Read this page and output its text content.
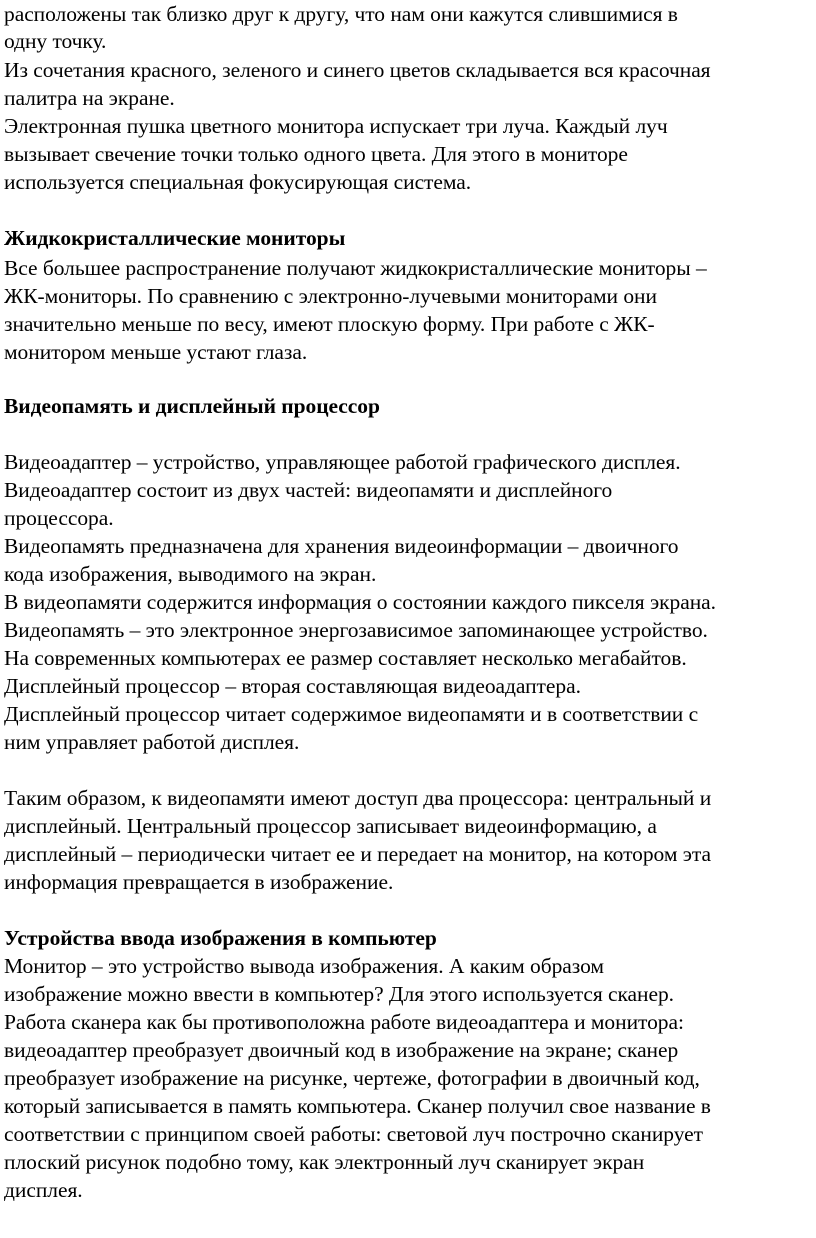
расположены так близко друг к другу, что нам они кажутся слившимися в
одну точку.
Из сочетания красного, зеленого и синего цветов складывается вся красочная
палитра на экране.
Электронная пушка цветного монитора испускает три луча. Каждый луч
вызывает свечение точки только одного цвета. Для этого в мониторе
используется специальная фокусирующая система.
Жидкокристаллические мониторы
Все большее распространение получают жидкокристаллические мониторы –
ЖК-мониторы. По сравнению с электронно-лучевыми мониторами они
значительно меньше по весу, имеют плоскую форму. При работе с ЖК-
монитором меньше устают глаза.
Видеопамять и дисплейный процессор
Видеоадаптер – устройство, управляющее работой графического дисплея.
Видеоадаптер состоит из двух частей: видеопамяти и дисплейного
процессора.
Видеопамять предназначена для хранения видеоинформации – двоичного
кода изображения, выводимого на экран.
В видеопамяти содержится информация о состоянии каждого пикселя экрана.
Видеопамять – это электронное энергозависимое запоминающее устройство.
На современных компьютерах ее размер составляет несколько мегабайтов.
Дисплейный процессор – вторая составляющая видеоадаптера.
Дисплейный процессор читает содержимое видеопамяти и в соответствии с
ним управляет работой дисплея.
Таким образом, к видеопамяти имеют доступ два процессора: центральный и
дисплейный. Центральный процессор записывает видеоинформацию, а
дисплейный – периодически читает ее и передает на монитор, на котором эта
информация превращается в изображение.
Устройства ввода изображения в компьютер
Монитор – это устройство вывода изображения. А каким образом
изображение можно ввести в компьютер? Для этого используется сканер.
Работа сканера как бы противоположна работе видеоадаптера и монитора:
видеоадаптер преобразует двоичный код в изображение на экране; сканер
преобразует изображение на рисунке, чертеже, фотографии в двоичный код,
который записывается в память компьютера. Сканер получил свое название в
соответствии с принципом своей работы: световой луч построчно сканирует
плоский рисунок подобно тому, как электронный луч сканирует экран
дисплея.
